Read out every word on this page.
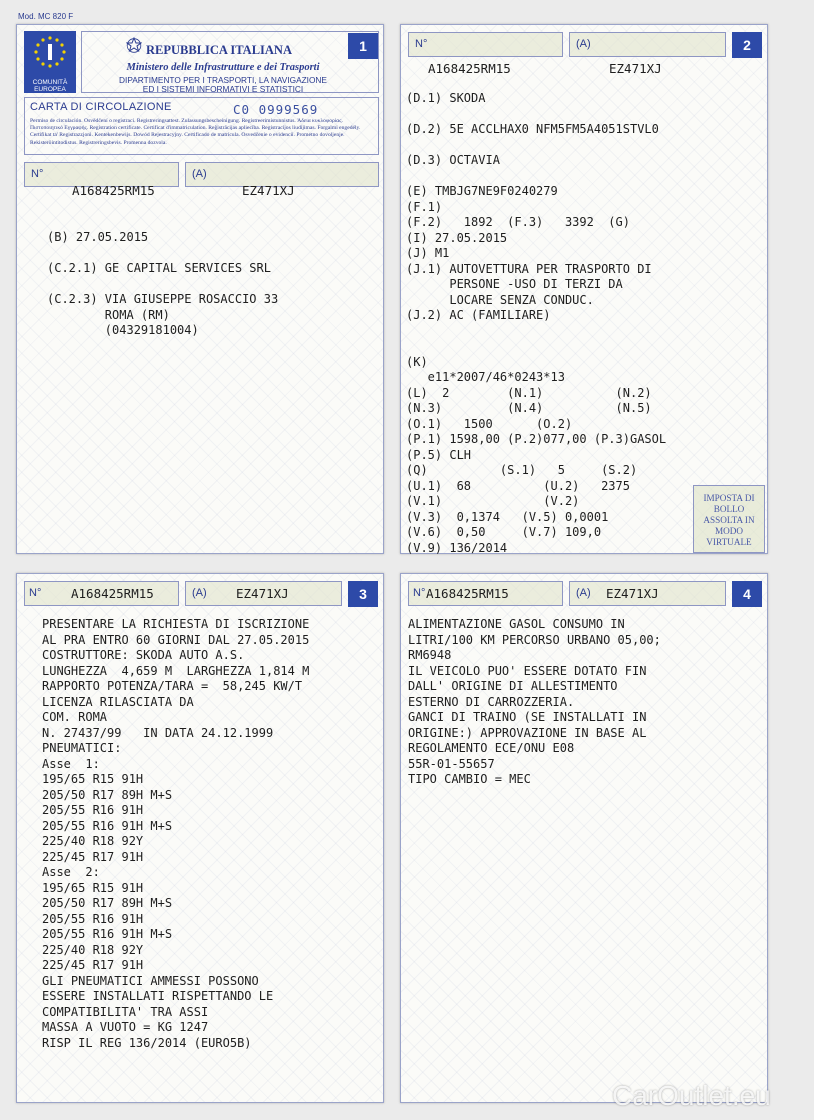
Mod. MC 820 F
COMUNITÀ EUROPEA
REPUBBLICA ITALIANA
Ministero delle Infrastrutture e dei Trasporti
DIPARTIMENTO PER I TRASPORTI, LA NAVIGAZIONE
ED I SISTEMI INFORMATIVI E STATISTICI
1
CARTA DI CIRCOLAZIONE	C0 0999569
Permiso de circulación. Osvědčení o registraci. Registreringsattest. Zulassungsbescheinigung. Registreerimistunnistus. Άδεια κυκλοφορίας. Πιστοποιητικό Εγγραφής. Registration certificate. Certificat d'immatriculation. Reģistrācijas apliecība. Registracijos liudijimas. Forgalmi engedély. Certifikat ta' Registrazzjoni. Kentekenbewijs. Dowód Rejestracyjny. Certificado de matrícula. Osvedčenie o evidencii. Prometno dovoljenje. Rekisteröintitodistus. Registreringsbevis. Promenna dozvola.
N°	(A)
A168425RM15	EZ471XJ
(B) 27.05.2015
(C.2.1) GE CAPITAL SERVICES SRL
(C.2.3) VIA GIUSEPPE ROSACCIO 33
ROMA (RM)
(04329181004)
N°	(A)	2
A168425RM15	EZ471XJ
(D.1) SKODA

(D.2) 5E ACCLHAX0 NFM5FM5A4051STVL0

(D.3) OCTAVIA

(E) TMBJG7NE9F0240279
(F.1)
(F.2)   1892  (F.3)   3392  (G)
(I) 27.05.2015
(J) M1
(J.1) AUTOVETTURA PER TRASPORTO DI
PERSONE -USO DI TERZI DA
LOCARE SENZA CONDUC.
(J.2) AC (FAMILIARE)

(K)
e11*2007/46*0243*13
(L)  2        (N.1)          (N.2)
(N.3)         (N.4)          (N.5)
(O.1)   1500      (O.2)
(P.1) 1598,00 (P.2)077,00 (P.3)GASOL
(P.5) CLH
(Q)          (S.1)   5     (S.2)
(U.1)  68          (U.2)   2375
(V.1)              (V.2)
(V.3)  0,1374   (V.5) 0,0001
(V.6)  0,50     (V.7) 109,0
(V.9) 136/2014
IMPOSTA DI BOLLO ASSOLTA IN MODO VIRTUALE
N° A168425RM15	(A) EZ471XJ	3
PRESENTARE LA RICHIESTA DI ISCRIZIONE
AL PRA ENTRO 60 GIORNI DAL 27.05.2015
COSTRUTTORE: SKODA AUTO A.S.
LUNGHEZZA  4,659 M  LARGHEZZA 1,814 M
RAPPORTO POTENZA/TARA =  58,245 KW/T
LICENZA RILASCIATA DA
COM. ROMA
N. 27437/99   IN DATA 24.12.1999
PNEUMATICI:
Asse  1:
195/65 R15 91H
205/50 R17 89H M+S
205/55 R16 91H
205/55 R16 91H M+S
225/40 R18 92Y
225/45 R17 91H
Asse  2:
195/65 R15 91H
205/50 R17 89H M+S
205/55 R16 91H
205/55 R16 91H M+S
225/40 R18 92Y
225/45 R17 91H
GLI PNEUMATICI AMMESSI POSSONO
ESSERE INSTALLATI RISPETTANDO LE
COMPATIBILITA' TRA ASSI
MASSA A VUOTO = KG 1247
RISP IL REG 136/2014 (EURO5B)
N° A168425RM15	(A) EZ471XJ	4
ALIMENTAZIONE GASOL CONSUMO IN
LITRI/100 KM PERCORSO URBANO 05,00;
RM6948
IL VEICOLO PUO' ESSERE DOTATO FIN
DALL' ORIGINE DI ALLESTIMENTO
ESTERNO DI CARROZZERIA.
GANCI DI TRAINO (SE INSTALLATI IN
ORIGINE:) APPROVAZIONE IN BASE AL
REGOLAMENTO ECE/ONU E08
55R-01-55657
TIPO CAMBIO = MEC
CarOutlet.eu
